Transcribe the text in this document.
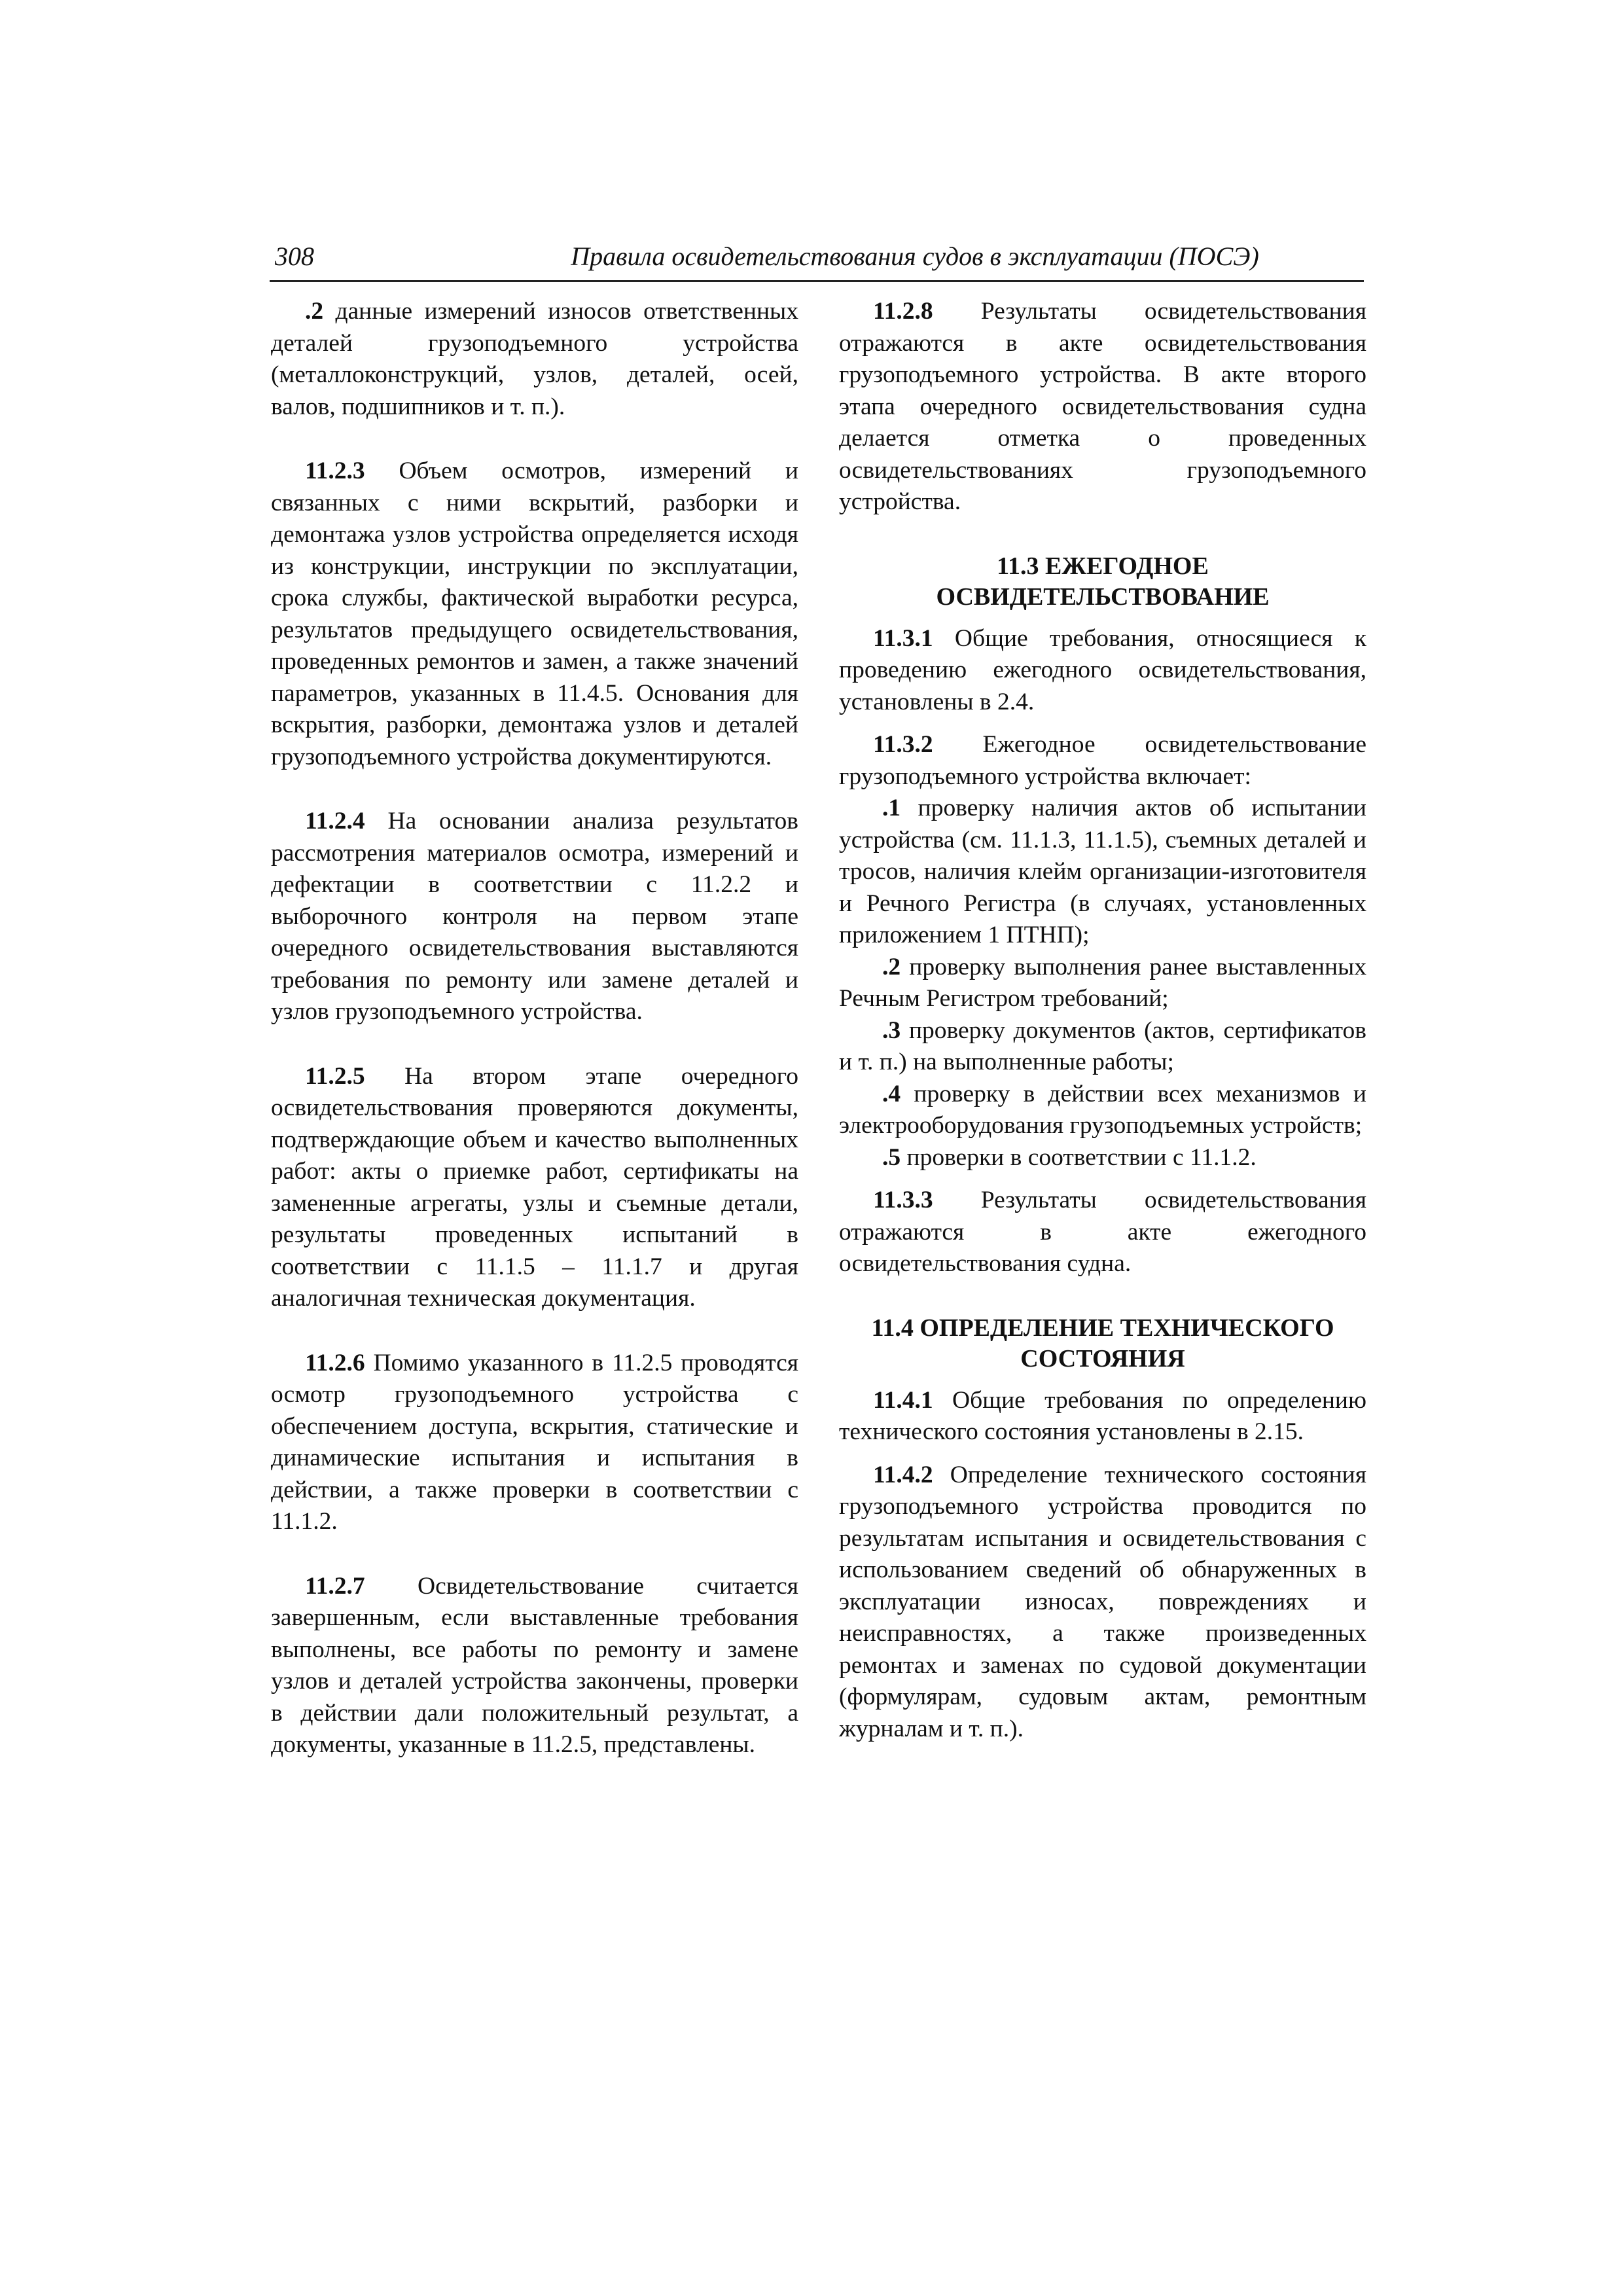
308	Правила освидетельствования судов в эксплуатации (ПОСЭ)

.2 данные измерений износов ответственных деталей грузоподъемного устройства (металлоконструкций, узлов, деталей, осей, валов, подшипников и т. п.).

11.2.3 Объем осмотров, измерений и связанных с ними вскрытий, разборки и демонтажа узлов устройства определяется исходя из конструкции, инструкции по эксплуатации, срока службы, фактической выработки ресурса, результатов предыдущего освидетельствования, проведенных ремонтов и замен, а также значений параметров, указанных в 11.4.5. Основания для вскрытия, разборки, демонтажа узлов и деталей грузоподъемного устройства документируются.

11.2.4 На основании анализа результатов рассмотрения материалов осмотра, измерений и дефектации в соответствии с 11.2.2 и выборочного контроля на первом этапе очередного освидетельствования выставляются требования по ремонту или замене деталей и узлов грузоподъемного устройства.

11.2.5 На втором этапе очередного освидетельствования проверяются документы, подтверждающие объем и качество выполненных работ: акты о приемке работ, сертификаты на замененные агрегаты, узлы и съемные детали, результаты проведенных испытаний в соответствии с 11.1.5 – 11.1.7 и другая аналогичная техническая документация.

11.2.6 Помимо указанного в 11.2.5 проводятся осмотр грузоподъемного устройства с обеспечением доступа, вскрытия, статические и динамические испытания и испытания в действии, а также проверки в соответствии с 11.1.2.

11.2.7 Освидетельствование считается завершенным, если выставленные требования выполнены, все работы по ремонту и замене узлов и деталей устройства закончены, проверки в действии дали положительный результат, а документы, указанные в 11.2.5, представлены.

11.2.8 Результаты освидетельствования отражаются в акте освидетельствования грузоподъемного устройства. В акте второго этапа очередного освидетельствования судна делается отметка о проведенных освидетельствованиях грузоподъемного устройства.

11.3 ЕЖЕГОДНОЕ
ОСВИДЕТЕЛЬСТВОВАНИЕ

11.3.1 Общие требования, относящиеся к проведению ежегодного освидетельствования, установлены в 2.4.

11.3.2 Ежегодное освидетельствование грузоподъемного устройства включает:

.1 проверку наличия актов об испытании устройства (см. 11.1.3, 11.1.5), съемных деталей и тросов, наличия клейм организации-изготовителя и Речного Регистра (в случаях, установленных приложением 1 ПТНП);

.2 проверку выполнения ранее выставленных Речным Регистром требований;

.3 проверку документов (актов, сертификатов и т. п.) на выполненные работы;

.4 проверку в действии всех механизмов и электрооборудования грузоподъемных устройств;

.5 проверки в соответствии с 11.1.2.

11.3.3 Результаты освидетельствования отражаются в акте ежегодного освидетельствования судна.

11.4 ОПРЕДЕЛЕНИЕ ТЕХНИЧЕСКОГО
СОСТОЯНИЯ

11.4.1 Общие требования по определению технического состояния установлены в 2.15.

11.4.2 Определение технического состояния грузоподъемного устройства проводится по результатам испытания и освидетельствования с использованием сведений об обнаруженных в эксплуатации износах, повреждениях и неисправностях, а также произведенных ремонтах и заменах по судовой документации (формулярам, судовым актам, ремонтным журналам и т. п.).
